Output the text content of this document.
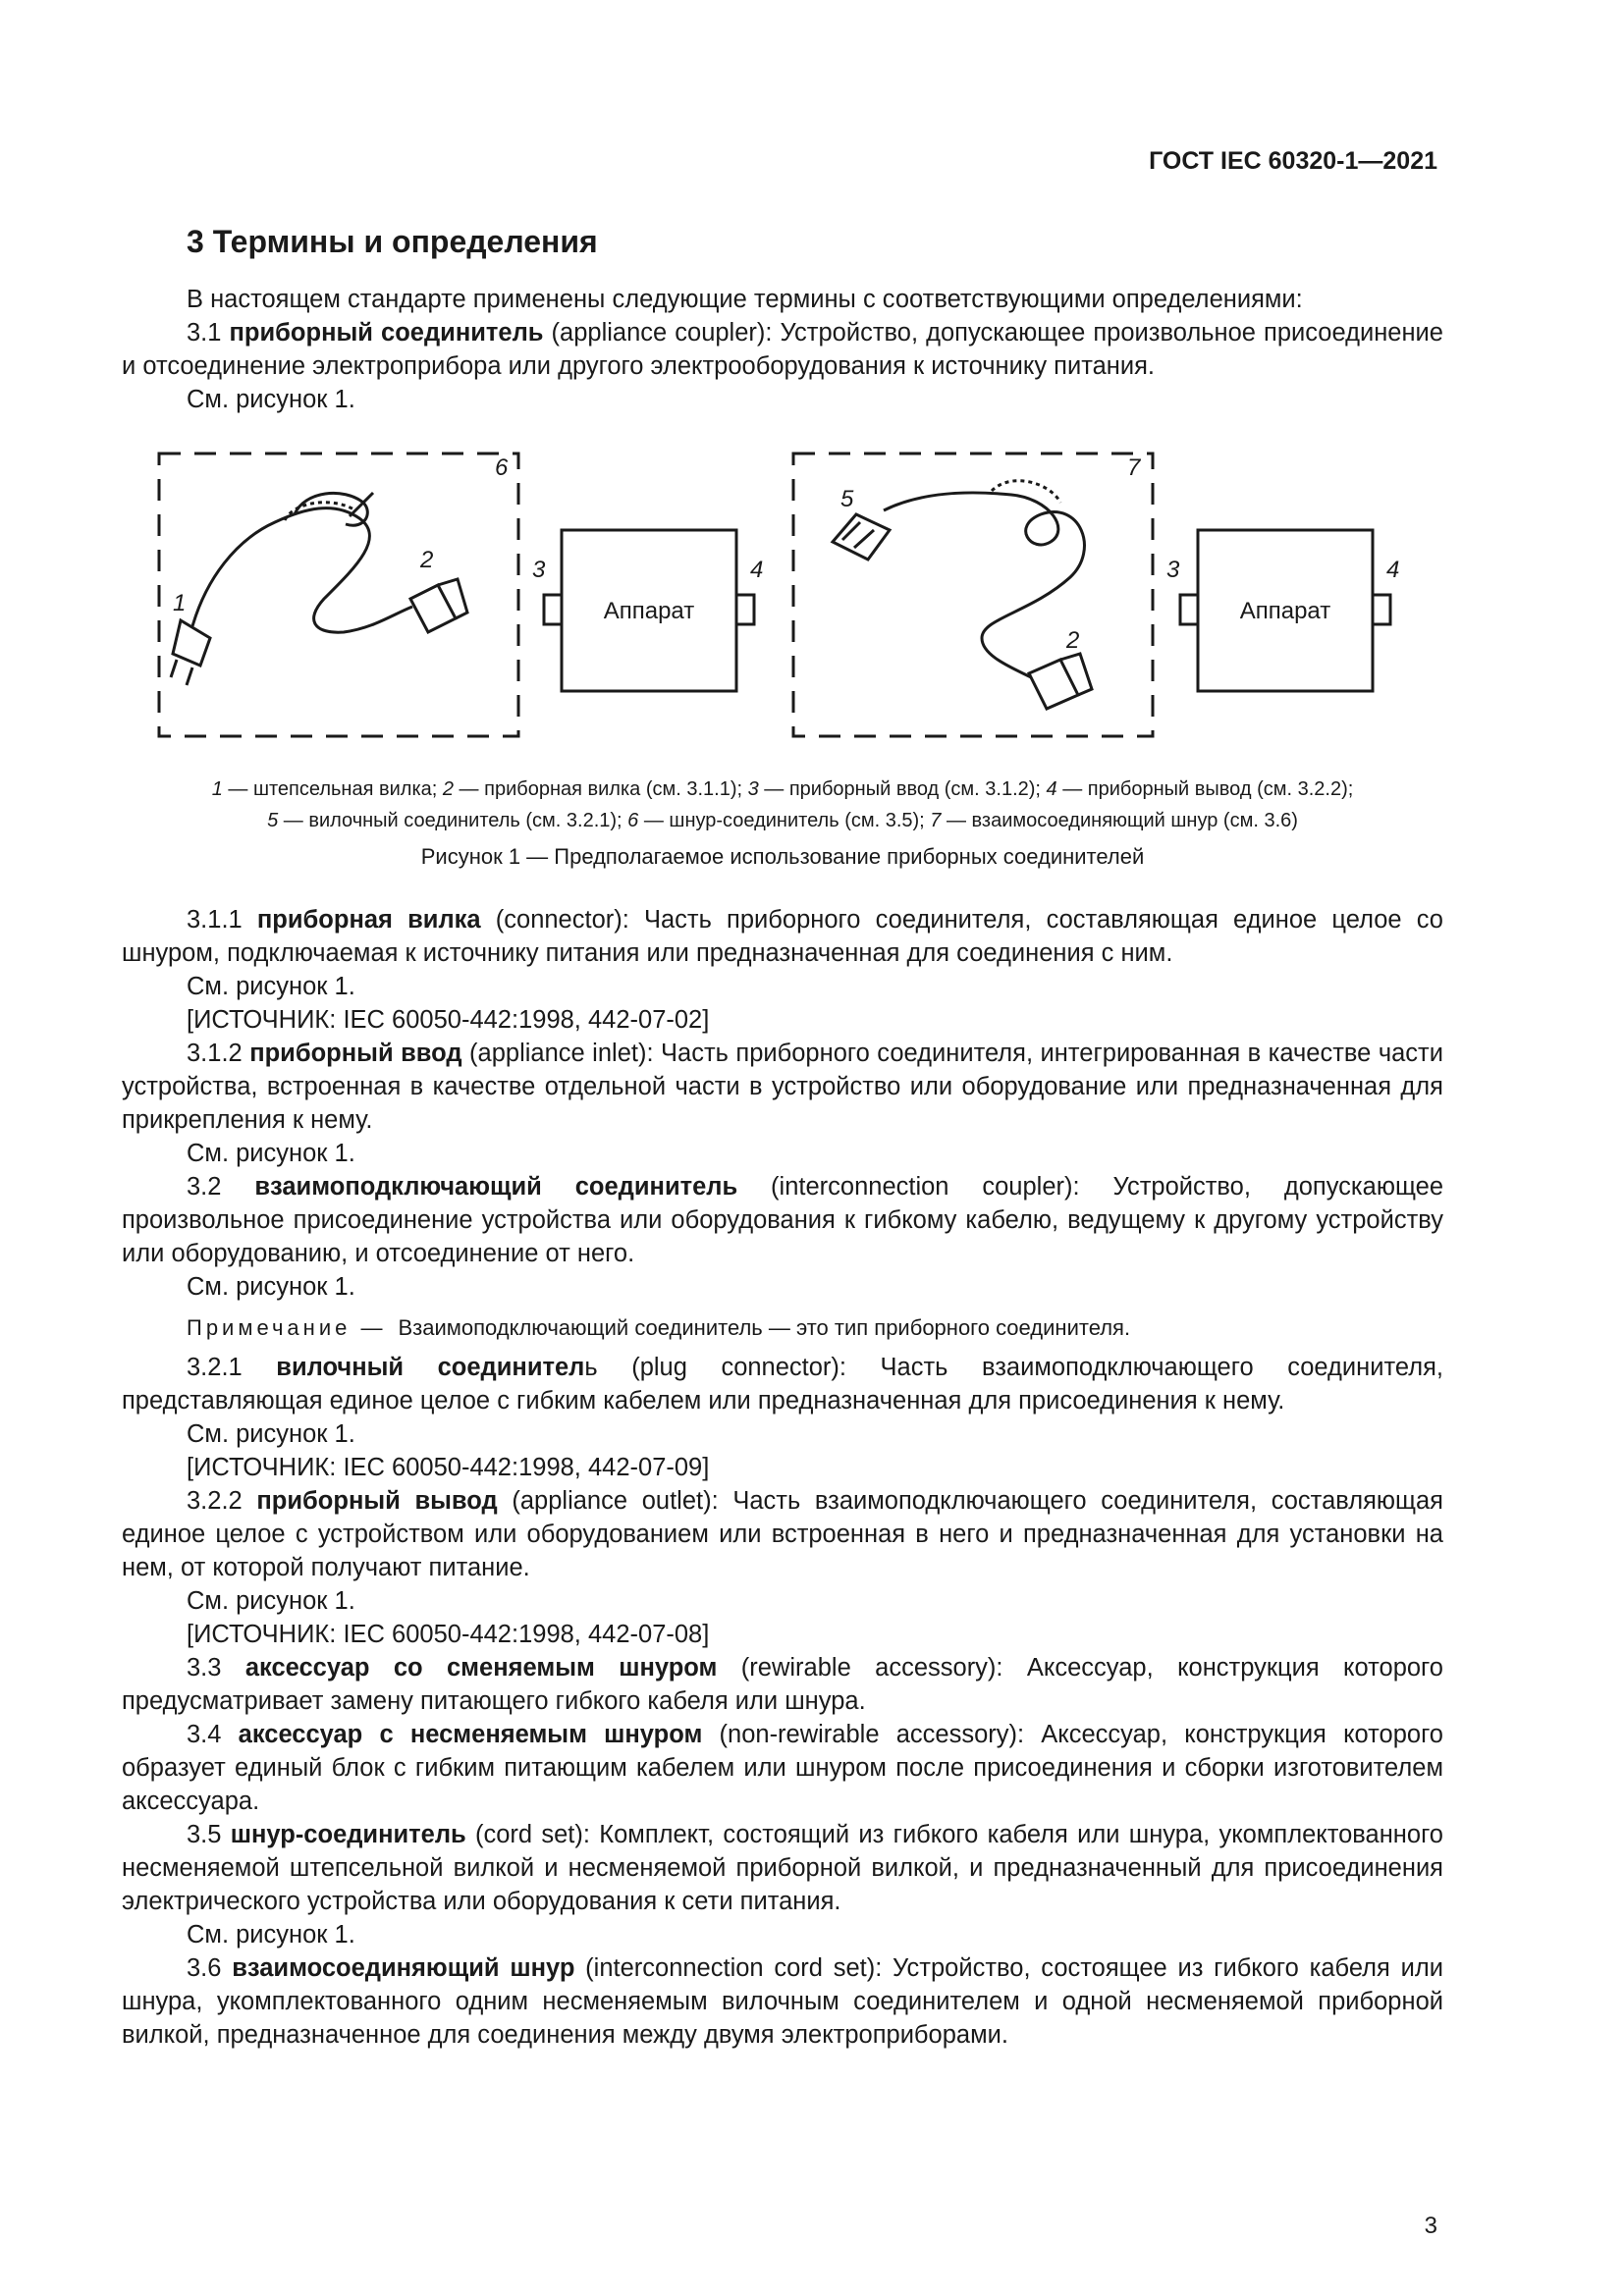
ГОСТ IEC 60320-1—2021
3 Термины и определения

В настоящем стандарте применены следующие термины с соответствующими определениями:

3.1 приборный соединитель (appliance coupler): Устройство, допускающее произвольное присоединение и отсоединение электроприбора или другого электрооборудования к источнику питания.

См. рисунок 1.

1
2	3	4
5
6	7
2
3	4
Аппарат	Аппарат
1 — штепсельная вилка; 2 — приборная вилка (см. 3.1.1); 3 — приборный ввод (см. 3.1.2); 4 — приборный вывод (см. 3.2.2);
5 — вилочный соединитель (см. 3.2.1); 6 — шнур-соединитель (см. 3.5); 7 — взаимосоединяющий шнур (см. 3.6)
Рисунок 1 — Предполагаемое использование приборных соединителей

3.1.1 приборная вилка (connector): Часть приборного соединителя, составляющая единое целое со шнуром, подключаемая к источнику питания или предназначенная для соединения с ним.

См. рисунок 1.

[ИСТОЧНИК: IEC 60050-442:1998, 442-07-02]

3.1.2 приборный ввод (appliance inlet): Часть приборного соединителя, интегрированная в качестве части устройства, встроенная в качестве отдельной части в устройство или оборудование или предназначенная для прикрепления к нему.

См. рисунок 1.

3.2 взаимоподключающий соединитель (interconnection coupler): Устройство, допускающее произвольное присоединение устройства или оборудования к гибкому кабелю, ведущему к другому устройству или оборудованию, и отсоединение от него.

См. рисунок 1.

Примечание — Взаимоподключающий соединитель — это тип приборного соединителя.

3.2.1 вилочный соединитель (plug connector): Часть взаимоподключающего соединителя, представляющая единое целое с гибким кабелем или предназначенная для присоединения к нему.

См. рисунок 1.

[ИСТОЧНИК: IEC 60050-442:1998, 442-07-09]

3.2.2 приборный вывод (appliance outlet): Часть взаимоподключающего соединителя, составляющая единое целое с устройством или оборудованием или встроенная в него и предназначенная для установки на нем, от которой получают питание.

См. рисунок 1.

[ИСТОЧНИК: IEC 60050-442:1998, 442-07-08]

3.3 аксессуар со сменяемым шнуром (rewirable accessory): Аксессуар, конструкция которого предусматривает замену питающего гибкого кабеля или шнура.

3.4 аксессуар с несменяемым шнуром (non-rewirable accessory): Аксессуар, конструкция которого образует единый блок с гибким питающим кабелем или шнуром после присоединения и сборки изготовителем аксессуара.

3.5 шнур-соединитель (cord set): Комплект, состоящий из гибкого кабеля или шнура, укомплектованного несменяемой штепсельной вилкой и несменяемой приборной вилкой, и предназначенный для присоединения электрического устройства или оборудования к сети питания.

См. рисунок 1.

3.6 взаимосоединяющий шнур (interconnection cord set): Устройство, состоящее из гибкого кабеля или шнура, укомплектованного одним несменяемым вилочным соединителем и одной несменяемой приборной вилкой, предназначенное для соединения между двумя электроприборами.

3
